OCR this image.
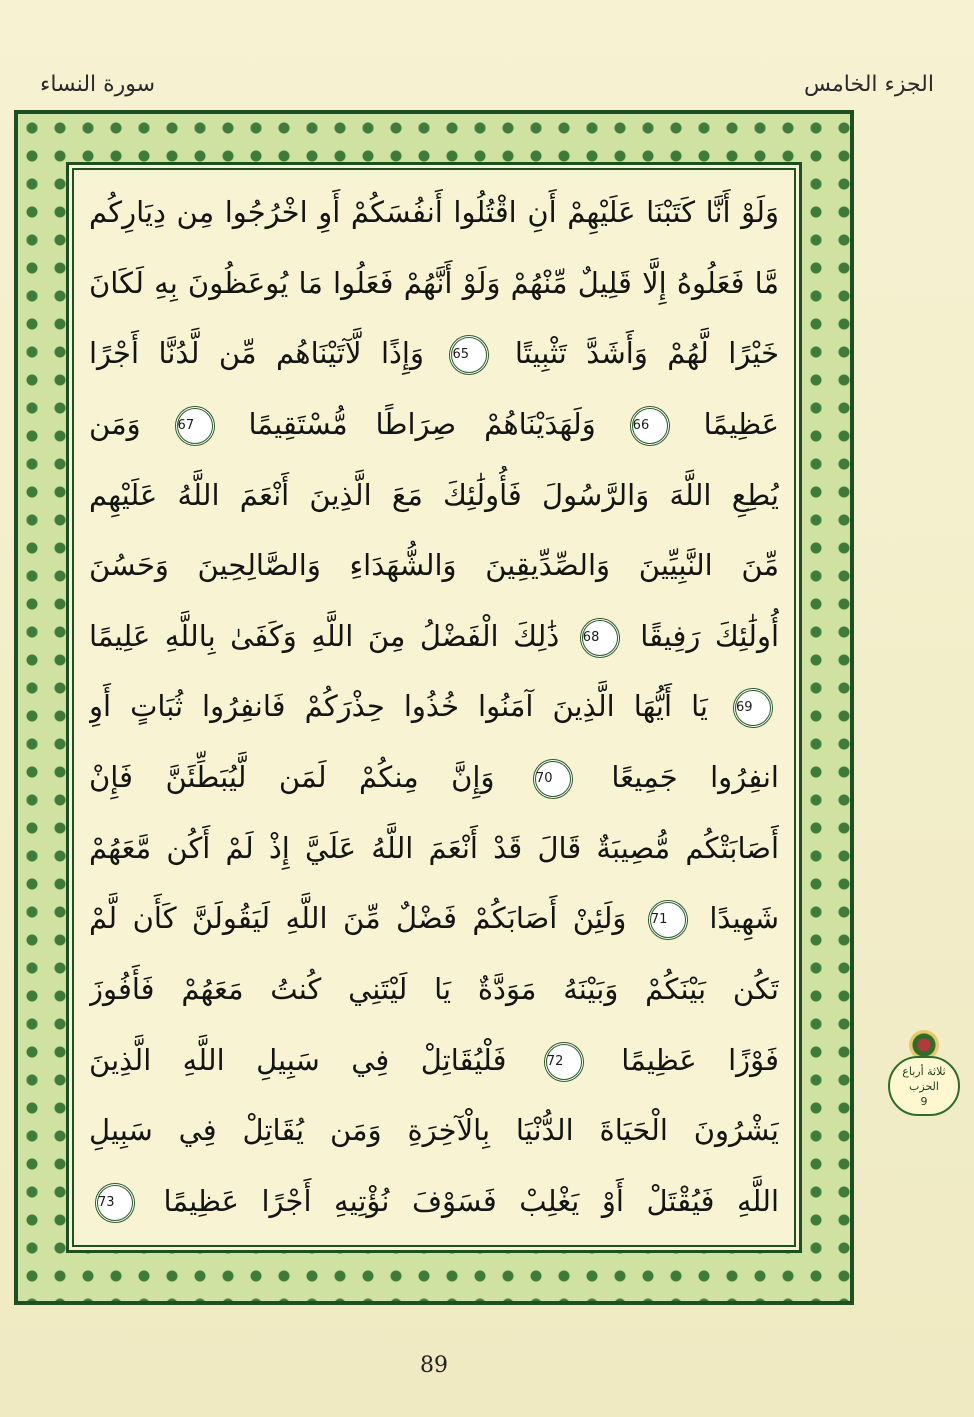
الجزء الخامس
سورة النساء
وَلَوْ أَنَّا كَتَبْنَا عَلَيْهِمْ أَنِ اقْتُلُوا أَنفُسَكُمْ أَوِ اخْرُجُوا مِن دِيَارِكُم
مَّا فَعَلُوهُ إِلَّا قَلِيلٌ مِّنْهُمْ وَلَوْ أَنَّهُمْ فَعَلُوا مَا يُوعَظُونَ بِهِ لَكَانَ
خَيْرًا لَّهُمْ وَأَشَدَّ تَثْبِيتًا 65 وَإِذًا لَّآتَيْنَاهُم مِّن لَّدُنَّا أَجْرًا
عَظِيمًا 66 وَلَهَدَيْنَاهُمْ صِرَاطًا مُّسْتَقِيمًا 67 وَمَن
يُطِعِ اللَّهَ وَالرَّسُولَ فَأُولَٰئِكَ مَعَ الَّذِينَ أَنْعَمَ اللَّهُ عَلَيْهِم
مِّنَ النَّبِيِّينَ وَالصِّدِّيقِينَ وَالشُّهَدَاءِ وَالصَّالِحِينَ وَحَسُنَ
أُولَٰئِكَ رَفِيقًا 68 ذَٰلِكَ الْفَضْلُ مِنَ اللَّهِ وَكَفَىٰ بِاللَّهِ عَلِيمًا
69 يَا أَيُّهَا الَّذِينَ آمَنُوا خُذُوا حِذْرَكُمْ فَانفِرُوا ثُبَاتٍ أَوِ
انفِرُوا جَمِيعًا 70 وَإِنَّ مِنكُمْ لَمَن لَّيُبَطِّئَنَّ فَإِنْ
أَصَابَتْكُم مُّصِيبَةٌ قَالَ قَدْ أَنْعَمَ اللَّهُ عَلَيَّ إِذْ لَمْ أَكُن مَّعَهُمْ
شَهِيدًا 71 وَلَئِنْ أَصَابَكُمْ فَضْلٌ مِّنَ اللَّهِ لَيَقُولَنَّ كَأَن لَّمْ
تَكُن بَيْنَكُمْ وَبَيْنَهُ مَوَدَّةٌ يَا لَيْتَنِي كُنتُ مَعَهُمْ فَأَفُوزَ
فَوْزًا عَظِيمًا 72 فَلْيُقَاتِلْ فِي سَبِيلِ اللَّهِ الَّذِينَ
يَشْرُونَ الْحَيَاةَ الدُّنْيَا بِالْآخِرَةِ وَمَن يُقَاتِلْ فِي سَبِيلِ
اللَّهِ فَيُقْتَلْ أَوْ يَغْلِبْ فَسَوْفَ نُؤْتِيهِ أَجْرًا عَظِيمًا 73
ثلاثة أرباع
الحزب
9
89
